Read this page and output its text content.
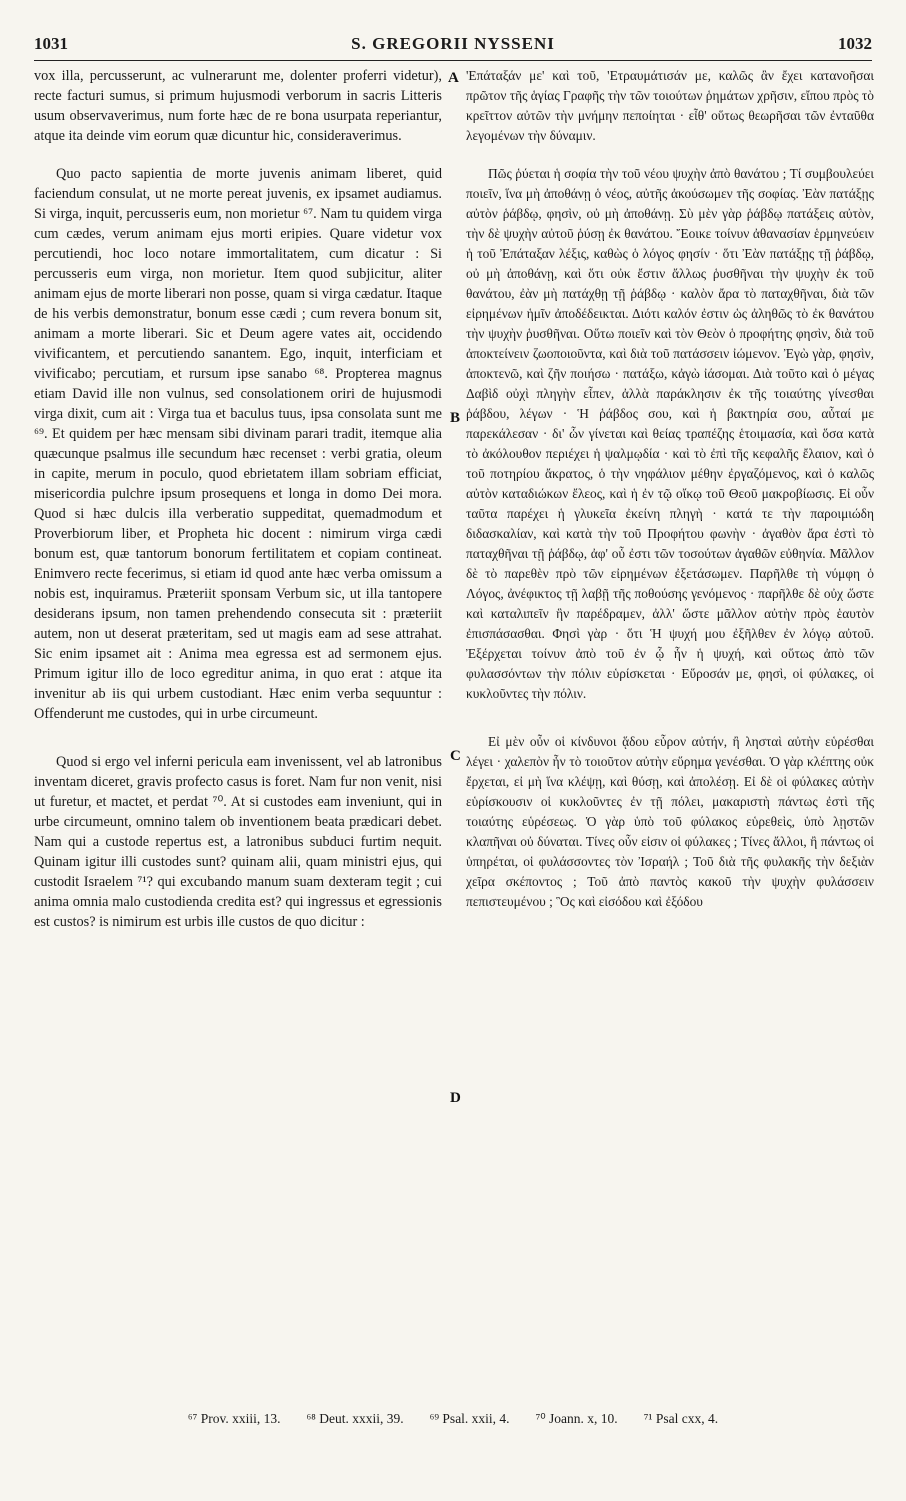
1031	S. GREGORII NYSSENI	1032

vox illa, percusserunt, ac vulnerarunt me, dolenter proferri videtur), recte facturi sumus, si primum hujusmodi verborum in sacris Litteris usum observaverimus, num forte hæc de re bona usurpata reperiantur, atque ita deinde vim eorum quæ dicuntur hic, consideraverimus.

Quo pacto sapientia de morte juvenis animam liberet, quid faciendum consulat, ut ne morte pereat juvenis, ex ipsamet audiamus. Si virga, inquit, percusseris eum, non morietur ⁶⁷. Nam tu quidem virga cum cædes, verum animam ejus morti eripies. Quare videtur vox percutiendi, hoc loco notare immortalitatem, cum dicatur : Si percusseris eum virga, non morietur. Item quod subjicitur, aliter animam ejus de morte liberari non posse, quam si virga cædatur. Itaque de his verbis demonstratur, bonum esse cædi ; cum revera bonum sit, animam a morte liberari. Sic et Deum agere vates ait, occidendo vivificantem, et percutiendo sanantem. Ego, inquit, interficiam et vivificabo; percutiam, et rursum ipse sanabo ⁶⁸. Propterea magnus etiam David ille non vulnus, sed consolationem oriri de hujusmodi virga dixit, cum ait : Virga tua et baculus tuus, ipsa consolata sunt me ⁶⁹. Et quidem per hæc mensam sibi divinam parari tradit, itemque alia quæcunque psalmus ille secundum hæc recenset : verbi gratia, oleum in capite, merum in poculo, quod ebrietatem illam sobriam efficiat, misericordia pulchre ipsum prosequens et longa in domo Dei mora. Quod si hæc dulcis illa verberatio suppeditat, quemadmodum et Proverbiorum liber, et Propheta hic docent : nimirum virga cædi bonum est, quæ tantorum bonorum fertilitatem et copiam contineat. Enimvero recte fecerimus, si etiam id quod ante hæc verba omissum a nobis est, inquiramus. Præteriit sponsam Verbum sic, ut illa tantopere desiderans ipsum, non tamen prehendendo consecuta sit : præteriit autem, non ut deserat præteritam, sed ut magis eam ad sese attrahat. Sic enim ipsamet ait : Anima mea egressa est ad sermonem ejus. Primum igitur illo de loco egreditur anima, in quo erat : atque ita invenitur ab iis qui urbem custodiant. Hæc enim verba sequuntur : Offenderunt me custodes, qui in urbe circumeunt.

Quod si ergo vel inferni pericula eam invenissent, vel ab latronibus inventam diceret, gravis profecto casus is foret. Nam fur non venit, nisi ut furetur, et mactet, et perdat ⁷⁰. At si custodes eam inveniunt, qui in urbe circumeunt, omnino talem ob inventionem beata prædicari debet. Nam qui a custode repertus est, a latronibus subduci furtim nequit. Quinam igitur illi custodes sunt? quinam alii, quam ministri ejus, qui custodit Israelem ⁷¹? qui excubando manum suam dexteram tegit ; cui anima omnia malo custodienda credita est? qui ingressus et egressionis est custos? is nimirum est urbis ille custos de quo dicitur :

'Επάταξάν με' καὶ τοῦ, 'Ετραυμάτισάν με, καλῶς ἂν ἔχει κατανοῆσαι πρῶτον τῆς ἁγίας Γραφῆς τὴν τῶν τοιούτων ῥημάτων χρῆσιν, εἴπου πρὸς τὸ κρεῖττον αὐτῶν τὴν μνήμην πεποίηται · εἶθ' οὕτως θεωρῆσαι τῶν ἐνταῦθα λεγομένων τὴν δύναμιν.

Πῶς ῥύεται ἡ σοφία τὴν τοῦ νέου ψυχὴν ἀπὸ θανάτου ; Τί συμβουλεύει ποιεῖν, ἵνα μὴ ἀποθάνῃ ὁ νέος, αὐτῆς ἀκούσωμεν τῆς σοφίας. Ἐὰν πατάξῃς αὐτὸν ῥάβδῳ, φησὶν, οὐ μὴ ἀποθάνῃ. Σὺ μὲν γὰρ ῥάβδῳ πατάξεις αὐτὸν, τὴν δὲ ψυχὴν αὐτοῦ ῥύσῃ ἐκ θανάτου. Ἔοικε τοίνυν ἀθανασίαν ἑρμηνεύειν ἡ τοῦ Ἐπάταξαν λέξις, καθὼς ὁ λόγος φησίν · ὅτι Ἐὰν πατάξῃς τῇ ῥάβδῳ, οὐ μὴ ἀποθάνῃ, καὶ ὅτι οὐκ ἔστιν ἄλλως ῥυσθῆναι τὴν ψυχὴν ἐκ τοῦ θανάτου, ἐὰν μὴ πατάχθῃ τῇ ῥάβδῳ · καλὸν ἄρα τὸ παταχθῆναι, διὰ τῶν εἰρημένων ἡμῖν ἀποδέδεικται. Διότι καλόν ἐστιν ὡς ἀληθῶς τὸ ἐκ θανάτου τὴν ψυχὴν ῥυσθῆναι. Οὕτω ποιεῖν καὶ τὸν Θεὸν ὁ προφήτης φησὶν, διὰ τοῦ ἀποκτείνειν ζωοποιοῦντα, καὶ διὰ τοῦ πατάσσειν ἰώμενον. Ἐγὼ γὰρ, φησὶν, ἀποκτενῶ, καὶ ζῆν ποιήσω · πατάξω, κἀγὼ ἰάσομαι. Διὰ τοῦτο καὶ ὁ μέγας Δαβὶδ οὐχὶ πληγὴν εἶπεν, ἀλλὰ παράκλησιν ἐκ τῆς τοιαύτης γίνεσθαι ῥάβδου, λέγων · Ἡ ῥάβδος σου, καὶ ἡ βακτηρία σου, αὗταί με παρεκάλεσαν · δι' ὧν γίνεται καὶ θείας τραπέζης ἑτοιμασία, καὶ ὅσα κατὰ τὸ ἀκόλουθον περιέχει ἡ ψαλμῳδία · καὶ τὸ ἐπὶ τῆς κεφαλῆς ἔλαιον, καὶ ὁ τοῦ ποτηρίου ἄκρατος, ὁ τὴν νηφάλιον μέθην ἐργαζόμενος, καὶ ὁ καλῶς αὐτὸν καταδιώκων ἔλεος, καὶ ἡ ἐν τῷ οἴκῳ τοῦ Θεοῦ μακροβίωσις. Εἰ οὖν ταῦτα παρέχει ἡ γλυκεῖα ἐκείνη πληγὴ · κατά τε τὴν παροιμιώδη διδασκαλίαν, καὶ κατὰ τὴν τοῦ Προφήτου φωνὴν · ἀγαθὸν ἄρα ἐστὶ τὸ παταχθῆναι τῇ ῥάβδῳ, ἀφ' οὗ ἐστι τῶν τοσούτων ἀγαθῶν εὐθηνία. Μᾶλλον δὲ τὸ παρεθὲν πρὸ τῶν εἰρημένων ἐξετάσωμεν. Παρῆλθε τὴ νύμφη ὁ Λόγος, ἀνέφικτος τῇ λαβῇ τῆς ποθούσης γενόμενος · παρῆλθε δὲ οὐχ ὥστε καὶ καταλιπεῖν ἣν παρέδραμεν, ἀλλ' ὥστε μᾶλλον αὐτὴν πρὸς ἑαυτὸν ἐπισπάσασθαι. Φησὶ γὰρ · ὅτι Ἡ ψυχή μου ἐξῆλθεν ἐν λόγῳ αὐτοῦ. Ἐξέρχεται τοίνυν ἀπὸ τοῦ ἐν ᾧ ἦν ἡ ψυχή, καὶ οὕτως ἀπὸ τῶν φυλασσόντων τὴν πόλιν εὑρίσκεται · Εὕροσάν με, φησὶ, οἱ φύλακες, οἱ κυκλοῦντες τὴν πόλιν.

Εἰ μὲν οὖν οἱ κίνδυνοι ᾅδου εὗρον αὐτήν, ἢ λησταὶ αὐτὴν εὑρέσθαι λέγει · χαλεπὸν ἦν τὸ τοιοῦτον αὐτὴν εὕρημα γενέσθαι. Ὁ γὰρ κλέπτης οὐκ ἔρχεται, εἰ μὴ ἵνα κλέψῃ, καὶ θύσῃ, καὶ ἀπολέσῃ. Εἰ δὲ οἱ φύλακες αὐτὴν εὑρίσκουσιν οἱ κυκλοῦντες ἐν τῇ πόλει, μακαριστὴ πάντως ἐστὶ τῆς τοιαύτης εὑρέσεως. Ὁ γὰρ ὑπὸ τοῦ φύλακος εὑρεθεὶς, ὑπὸ λῃστῶν κλαπῆναι οὐ δύναται. Τίνες οὖν εἰσιν οἱ φύλακες ; Τίνες ἄλλοι, ἢ πάντως οἱ ὑπηρέται, οἱ φυλάσσοντες τὸν Ἰσραήλ ; Τοῦ διὰ τῆς φυλακῆς τὴν δεξιὰν χεῖρα σκέποντος ; Τοῦ ἀπὸ παντὸς κακοῦ τὴν ψυχὴν φυλάσσειν πεπιστευμένου ; Ὃς καὶ εἰσόδου καὶ ἐξόδου

A
B
C
D
⁶⁷ Prov. xxiii, 13. ⁶⁸ Deut. xxxii, 39. ⁶⁹ Psal. xxii, 4. ⁷⁰ Joann. x, 10. ⁷¹ Psal cxx, 4.
